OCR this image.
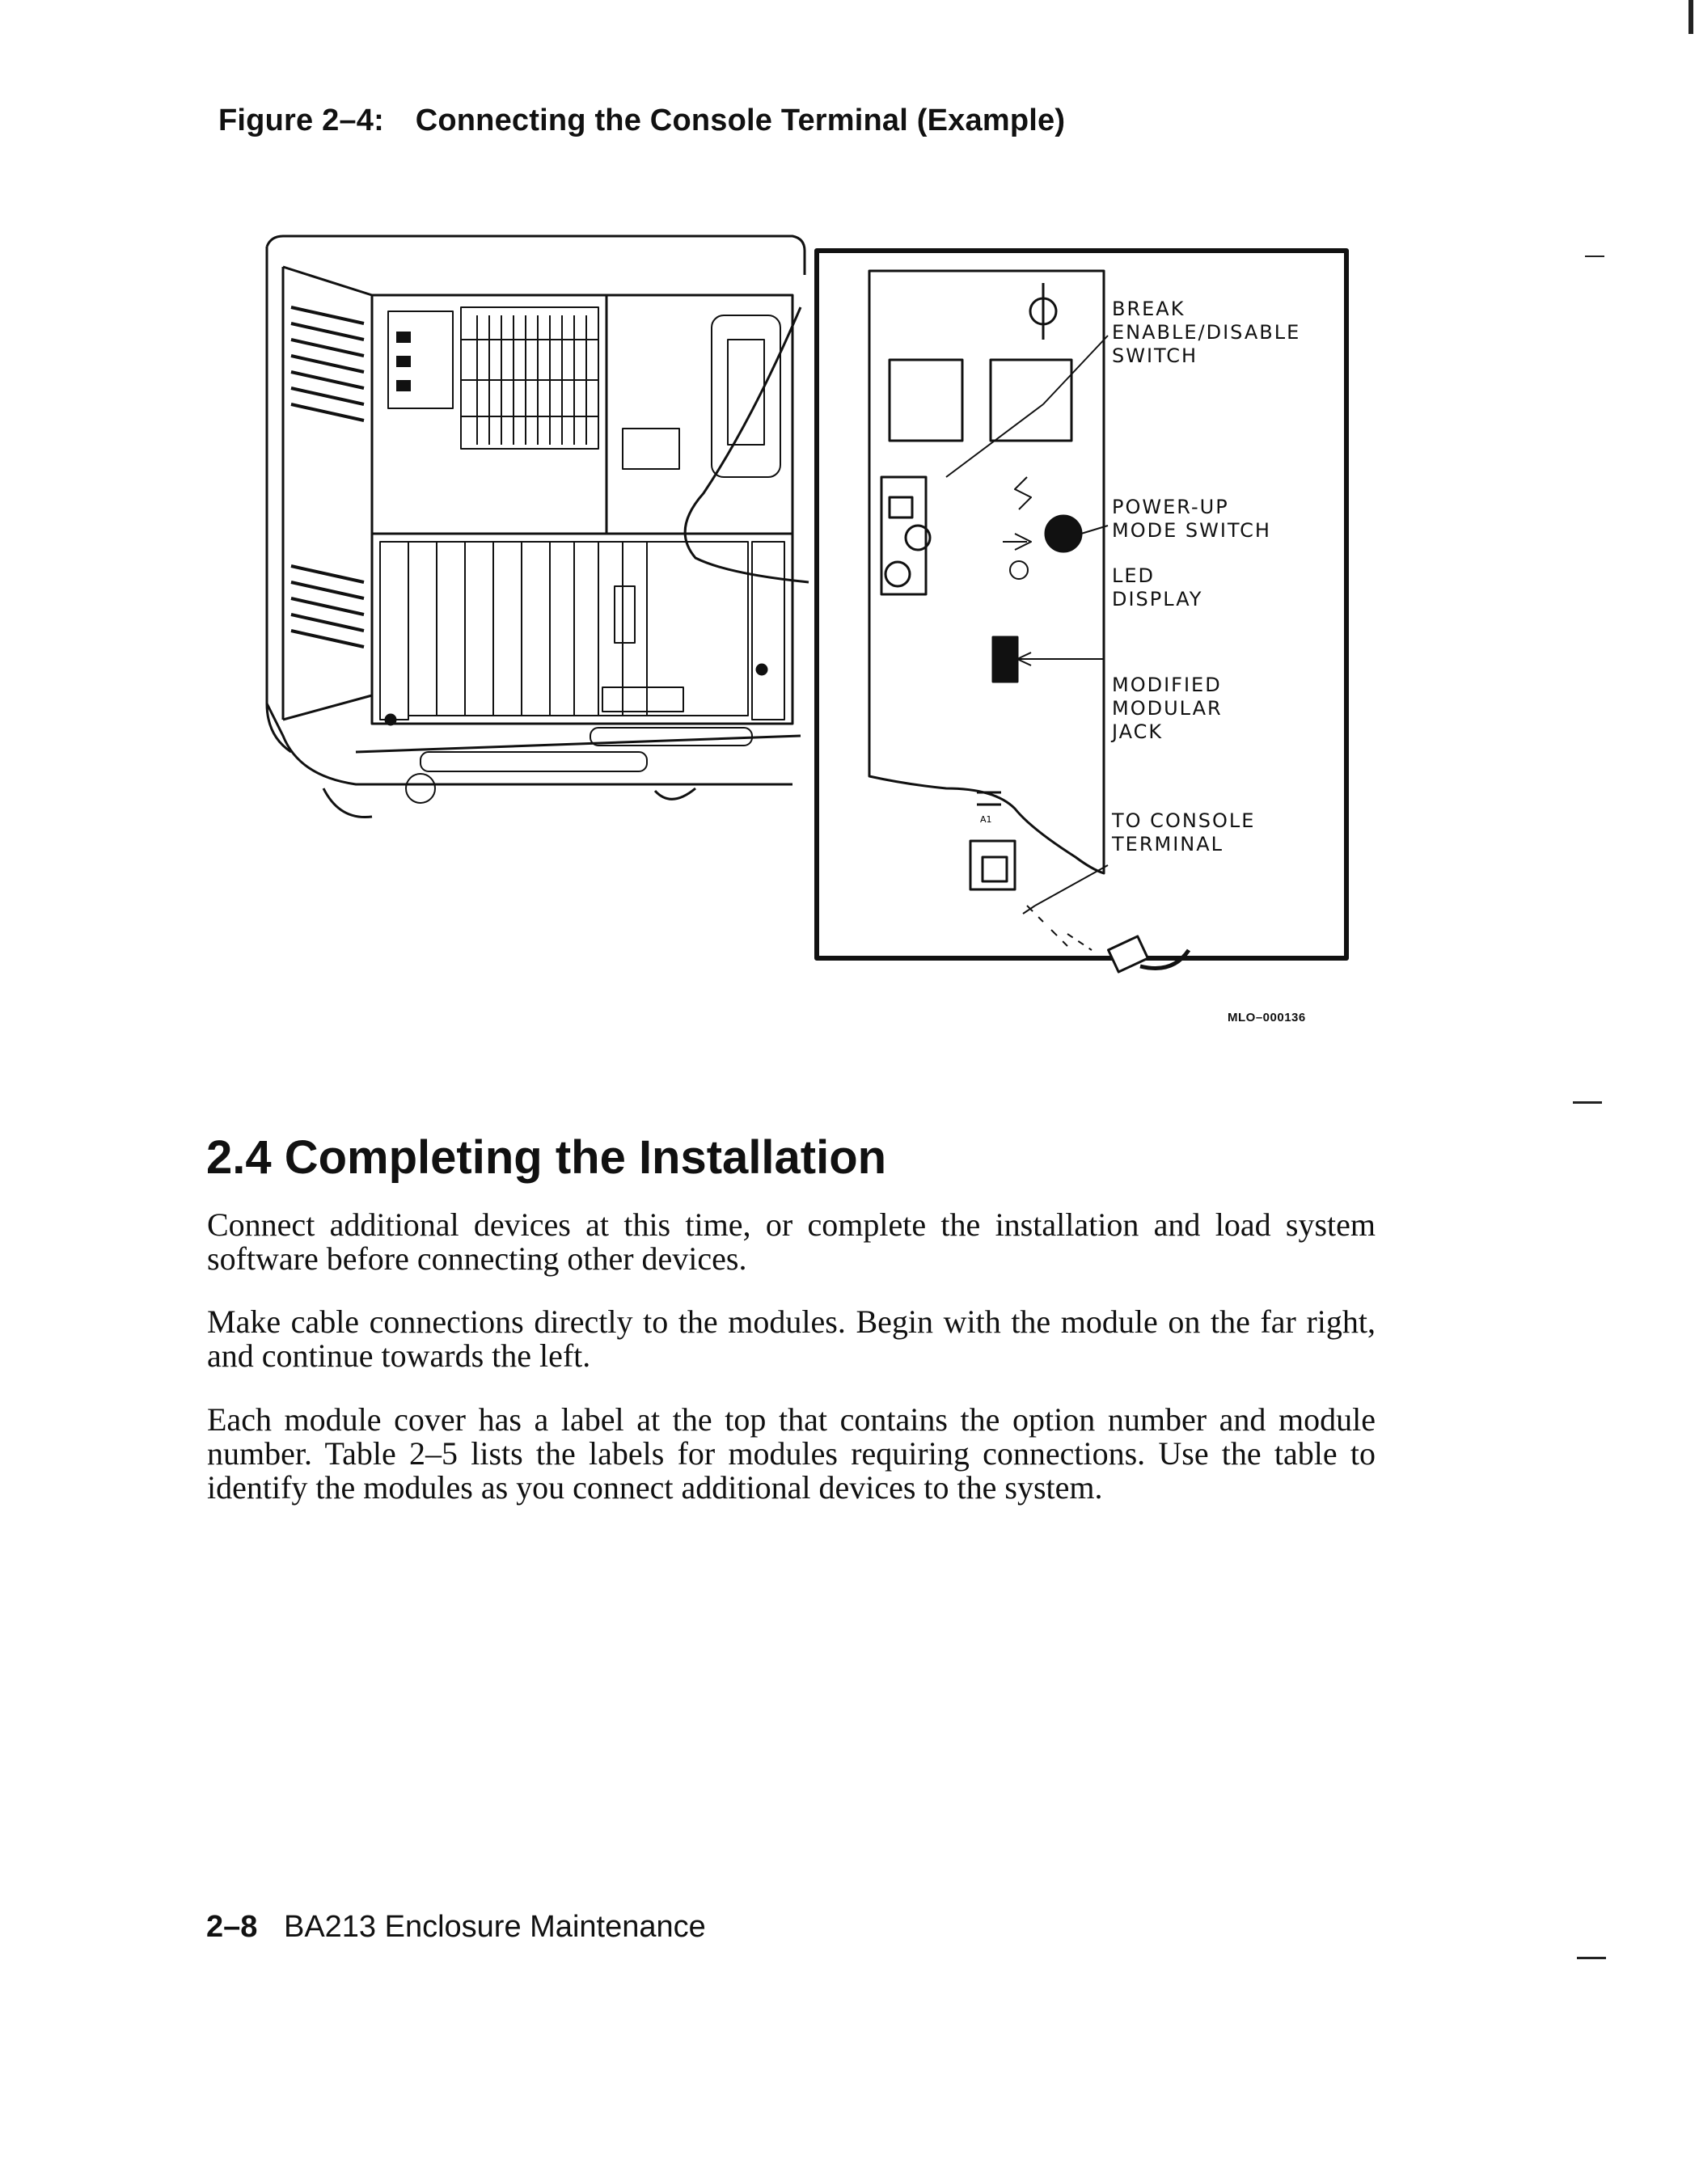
Figure 2–4: Connecting the Console Terminal (Example)
BREAK ENABLE/DISABLE SWITCH
POWER-UP MODE SWITCH
LED DISPLAY
MODIFIED MODULAR JACK
TO CONSOLE TERMINAL
A1
MLO–000136
2.4 Completing the Installation
Connect additional devices at this time, or complete the installation and load system software before connecting other devices.
Make cable connections directly to the modules. Begin with the module on the far right, and continue towards the left.
Each module cover has a label at the top that contains the option number and module number. Table 2–5 lists the labels for modules requiring connections. Use the table to identify the modules as you connect additional devices to the system.
2–8 BA213 Enclosure Maintenance
